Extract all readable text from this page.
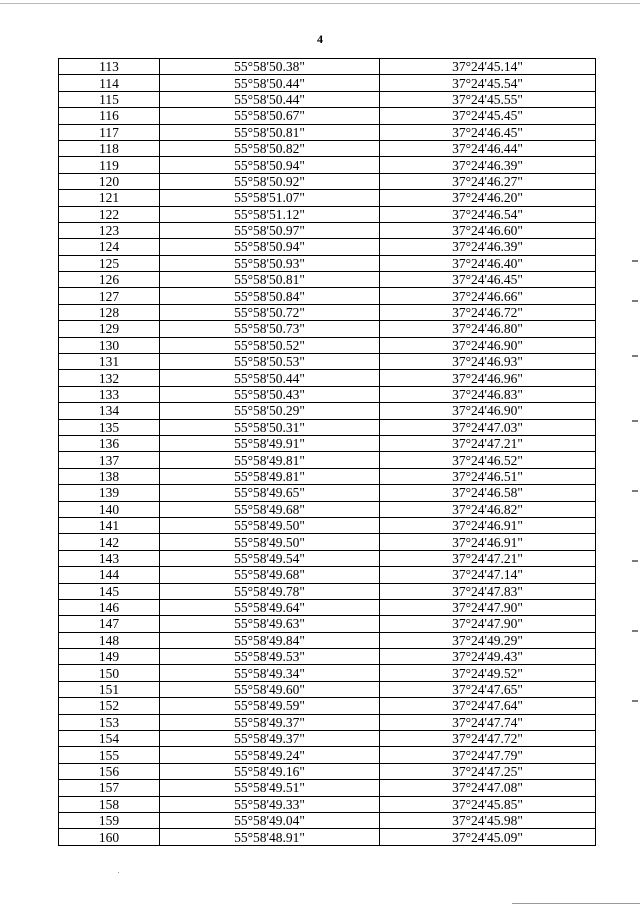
4
113	55°58'50.38"	37°24'45.14"
114	55°58'50.44"	37°24'45.54"
115	55°58'50.44"	37°24'45.55"
116	55°58'50.67"	37°24'45.45"
117	55°58'50.81"	37°24'46.45"
118	55°58'50.82"	37°24'46.44"
119	55°58'50.94"	37°24'46.39"
120	55°58'50.92"	37°24'46.27"
121	55°58'51.07"	37°24'46.20"
122	55°58'51.12"	37°24'46.54"
123	55°58'50.97"	37°24'46.60"
124	55°58'50.94"	37°24'46.39"
125	55°58'50.93"	37°24'46.40"
126	55°58'50.81"	37°24'46.45"
127	55°58'50.84"	37°24'46.66"
128	55°58'50.72"	37°24'46.72"
129	55°58'50.73"	37°24'46.80"
130	55°58'50.52"	37°24'46.90"
131	55°58'50.53"	37°24'46.93"
132	55°58'50.44"	37°24'46.96"
133	55°58'50.43"	37°24'46.83"
134	55°58'50.29"	37°24'46.90"
135	55°58'50.31"	37°24'47.03"
136	55°58'49.91"	37°24'47.21"
137	55°58'49.81"	37°24'46.52"
138	55°58'49.81"	37°24'46.51"
139	55°58'49.65"	37°24'46.58"
140	55°58'49.68"	37°24'46.82"
141	55°58'49.50"	37°24'46.91"
142	55°58'49.50"	37°24'46.91"
143	55°58'49.54"	37°24'47.21"
144	55°58'49.68"	37°24'47.14"
145	55°58'49.78"	37°24'47.83"
146	55°58'49.64"	37°24'47.90"
147	55°58'49.63"	37°24'47.90"
148	55°58'49.84"	37°24'49.29"
149	55°58'49.53"	37°24'49.43"
150	55°58'49.34"	37°24'49.52"
151	55°58'49.60"	37°24'47.65"
152	55°58'49.59"	37°24'47.64"
153	55°58'49.37"	37°24'47.74"
154	55°58'49.37"	37°24'47.72"
155	55°58'49.24"	37°24'47.79"
156	55°58'49.16"	37°24'47.25"
157	55°58'49.51"	37°24'47.08"
158	55°58'49.33"	37°24'45.85"
159	55°58'49.04"	37°24'45.98"
160	55°58'48.91"	37°24'45.09"
